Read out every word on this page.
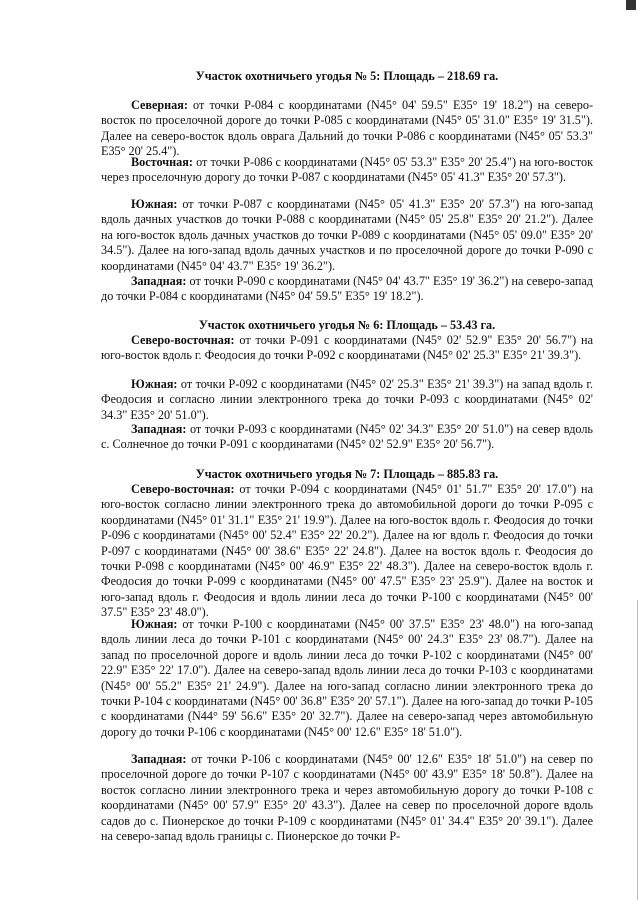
Участок охотничьего угодья № 5: Площадь – 218.69 га.

Северная: от точки Р-084 с координатами (N45° 04' 59.5" E35° 19' 18.2") на северо-восток по проселочной дороге до точки Р-085 с координатами (N45° 05' 31.0" E35° 19' 31.5"). Далее на северо-восток вдоль оврага Дальний до точки Р-086 с координатами (N45° 05' 53.3" E35° 20' 25.4").

Восточная: от точки Р-086 с координатами (N45° 05' 53.3" E35° 20' 25.4") на юго-восток через проселочную дорогу до точки Р-087 с координатами (N45° 05' 41.3" E35° 20' 57.3").

Южная: от точки Р-087 с координатами (N45° 05' 41.3" E35° 20' 57.3") на юго-запад вдоль дачных участков до точки Р-088 с координатами (N45° 05' 25.8" E35° 20' 21.2"). Далее на юго-восток вдоль дачных участков до точки Р-089 с координатами (N45° 05' 09.0" E35° 20' 34.5"). Далее на юго-запад вдоль дачных участков и по проселочной дороге до точки Р-090 с координатами (N45° 04' 43.7" E35° 19' 36.2").

Западная: от точки Р-090 с координатами (N45° 04' 43.7" E35° 19' 36.2") на северо-запад до точки Р-084 с координатами (N45° 04' 59.5" E35° 19' 18.2").

Участок охотничьего угодья № 6: Площадь – 53.43 га.

Северо-восточная: от точки Р-091 с координатами (N45° 02' 52.9" E35° 20' 56.7") на юго-восток вдоль г. Феодосия до точки Р-092 с координатами (N45° 02' 25.3" E35° 21' 39.3").

Южная: от точки Р-092 с координатами (N45° 02' 25.3" E35° 21' 39.3") на запад вдоль г. Феодосия и согласно линии электронного трека до точки Р-093 с координатами (N45° 02' 34.3" E35° 20' 51.0").

Западная: от точки Р-093 с координатами (N45° 02' 34.3" E35° 20' 51.0") на север вдоль с. Солнечное до точки Р-091 с координатами (N45° 02' 52.9" E35° 20' 56.7").

Участок охотничьего угодья № 7: Площадь – 885.83 га.

Северо-восточная: от точки Р-094 с координатами (N45° 01' 51.7" E35° 20' 17.0") на юго-восток согласно линии электронного трека до автомобильной дороги до точки Р-095 с координатами (N45° 01' 31.1" E35° 21' 19.9"). Далее на юго-восток вдоль г. Феодосия до точки Р-096 с координатами (N45° 00' 52.4" E35° 22' 20.2"). Далее на юг вдоль г. Феодосия до точки Р-097 с координатами (N45° 00' 38.6" E35° 22' 24.8"). Далее на восток вдоль г. Феодосия до точки Р-098 с координатами (N45° 00' 46.9" E35° 22' 48.3"). Далее на северо-восток вдоль г. Феодосия до точки Р-099 с координатами (N45° 00' 47.5" E35° 23' 25.9"). Далее на восток и юго-запад вдоль г. Феодосия и вдоль линии леса до точки Р-100 с координатами (N45° 00' 37.5" E35° 23' 48.0").

Южная: от точки Р-100 с координатами (N45° 00' 37.5" E35° 23' 48.0") на юго-запад вдоль линии леса до точки Р-101 с координатами (N45° 00' 24.3" E35° 23' 08.7"). Далее на запад по проселочной дороге и вдоль линии леса до точки Р-102 с координатами (N45° 00' 22.9" E35° 22' 17.0"). Далее на северо-запад вдоль линии леса до точки Р-103 с координатами (N45° 00' 55.2" E35° 21' 24.9"). Далее на юго-запад согласно линии электронного трека до точки Р-104 с координатами (N45° 00' 36.8" E35° 20' 57.1"). Далее на юго-запад до точки Р-105 с координатами (N44° 59' 56.6" E35° 20' 32.7"). Далее на северо-запад через автомобильную дорогу до точки Р-106 с координатами (N45° 00' 12.6" E35° 18' 51.0").

Западная: от точки Р-106 с координатами (N45° 00' 12.6" E35° 18' 51.0") на север по проселочной дороге до точки Р-107 с координатами (N45° 00' 43.9" E35° 18' 50.8"). Далее на восток согласно линии электронного трека и через автомобильную дорогу до точки Р-108 с координатами (N45° 00' 57.9" E35° 20' 43.3"). Далее на север по проселочной дороге вдоль садов до с. Пионерское до точки Р-109 с координатами (N45° 01' 34.4" E35° 20' 39.1"). Далее на северо-запад вдоль границы с. Пионерское до точки Р-
